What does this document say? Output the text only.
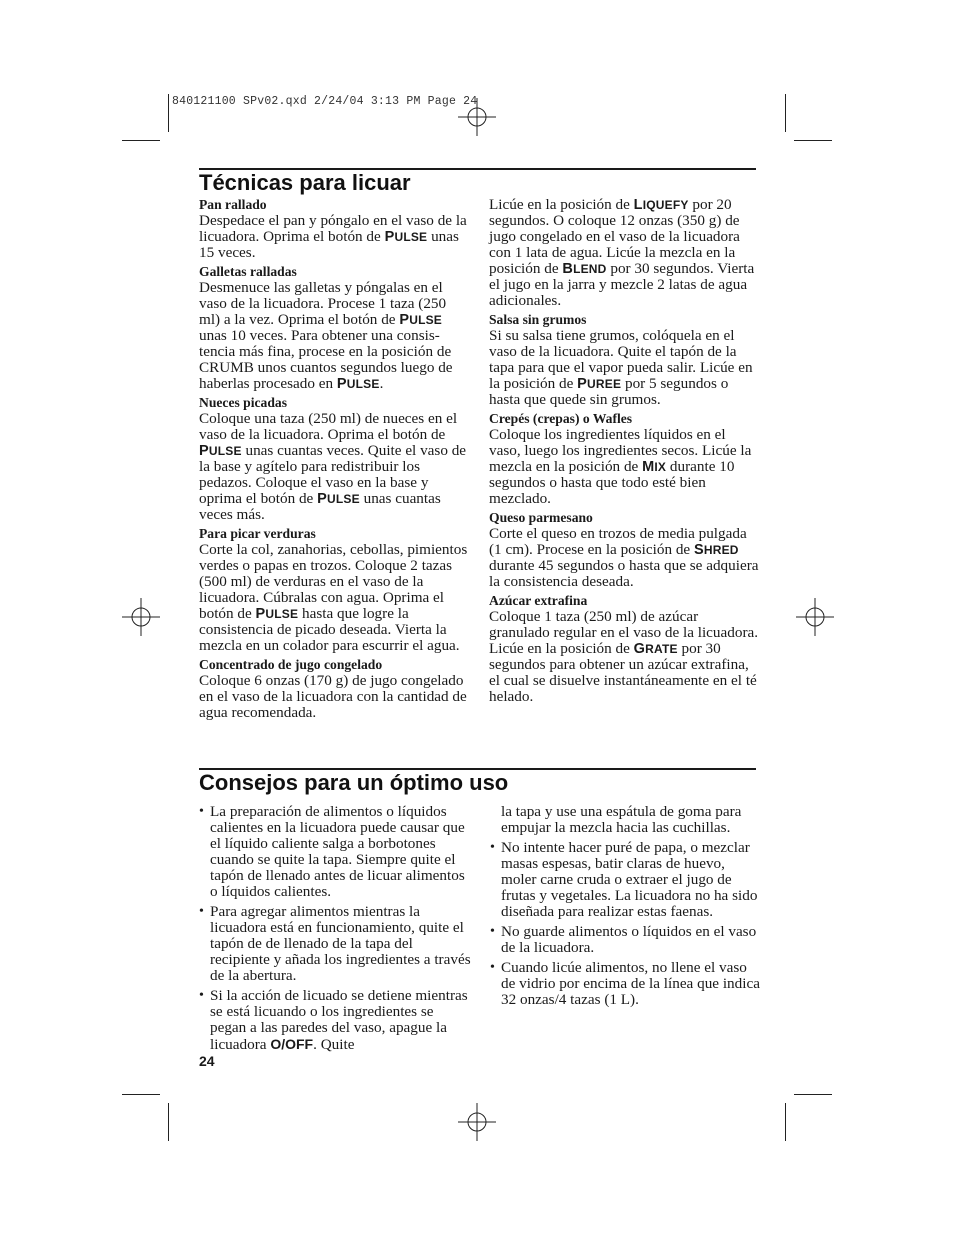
840121100 SPv02.qxd 2/24/04 3:13 PM Page 24
Técnicas para licuar

Pan rallado

Despedace el pan y póngalo en el vaso de la licuadora. Oprima el botón de PULSE unas 15 veces.

Galletas ralladas

Desmenuce las galletas y póngalas en el vaso de la licuadora. Procese 1 taza (250 ml) a la vez. Oprima el botón de PULSE unas 10 veces. Para obtener una consistencia más fina, procese en la posición de CRUMB unos cuantos segundos luego de haberlas procesado en PULSE.

Nueces picadas

Coloque una taza (250 ml) de nueces en el vaso de la licuadora. Oprima el botón de PULSE unas cuantas veces. Quite el vaso de la base y agítelo para redistribuir los pedazos. Coloque el vaso en la base y oprima el botón de PULSE unas cuantas veces más.

Para picar verduras

Corte la col, zanahorias, cebollas, pimientos verdes o papas en trozos. Coloque 2 tazas (500 ml) de verduras en el vaso de la licuadora. Cúbralas con agua. Oprima el botón de PULSE hasta que logre la consistencia de picado deseada. Vierta la mezcla en un colador para escurrir el agua.

Concentrado de jugo congelado

Coloque 6 onzas (170 g) de jugo congelado en el vaso de la licuadora con la cantidad de agua recomendada.

Licúe en la posición de LIQUEFY por 20 segundos. O coloque 12 onzas (350 g) de jugo congelado en el vaso de la licuadora con 1 lata de agua. Licúe la mezcla en la posición de BLEND por 30 segundos. Vierta el jugo en la jarra y mezcle 2 latas de agua adicionales.

Salsa sin grumos

Si su salsa tiene grumos, colóquela en el vaso de la licuadora. Quite el tapón de la tapa para que el vapor pueda salir. Licúe en la posición de PUREE por 5 segundos o hasta que quede sin grumos.

Crepés (crepas) o Wafles

Coloque los ingredientes líquidos en el vaso, luego los ingredientes secos. Licúe la mezcla en la posición de MIX durante 10 segundos o hasta que todo esté bien mezclado.

Queso parmesano

Corte el queso en trozos de media pulgada (1 cm). Procese en la posición de SHRED durante 45 segundos o hasta que se adquiera la consistencia deseada.

Azúcar extrafina

Coloque 1 taza (250 ml) de azúcar granulado regular en el vaso de la licuadora. Licúe en la posición de GRATE por 30 segundos para obtener un azúcar extrafina, el cual se disuelve instantáneamente en el té helado.

Consejos para un óptimo uso
• La preparación de alimentos o líquidos calientes en la licuadora puede causar que el líquido caliente salga a borbotones cuando se quite la tapa. Siempre quite el tapón de llenado antes de licuar alimentos o líquidos calientes.
• Para agregar alimentos mientras la licuadora está en funcionamiento, quite el tapón de de llenado de la tapa del recipiente y añada los ingredientes a través de la abertura.
• Si la acción de licuado se detiene mientras se está licuando o los ingredientes se pegan a las paredes del vaso, apague la licuadora O/OFF. Quite
la tapa y use una espátula de goma para empujar la mezcla hacia las cuchillas.
• No intente hacer puré de papa, o mezclar masas espesas, batir claras de huevo, moler carne cruda o extraer el jugo de frutas y vegetales. La licuadora no ha sido diseñada para realizar estas faenas.
• No guarde alimentos o líquidos en el vaso de la licuadora.
• Cuando licúe alimentos, no llene el vaso de vidrio por encima de la línea que indica 32 onzas/4 tazas (1 L).
24
